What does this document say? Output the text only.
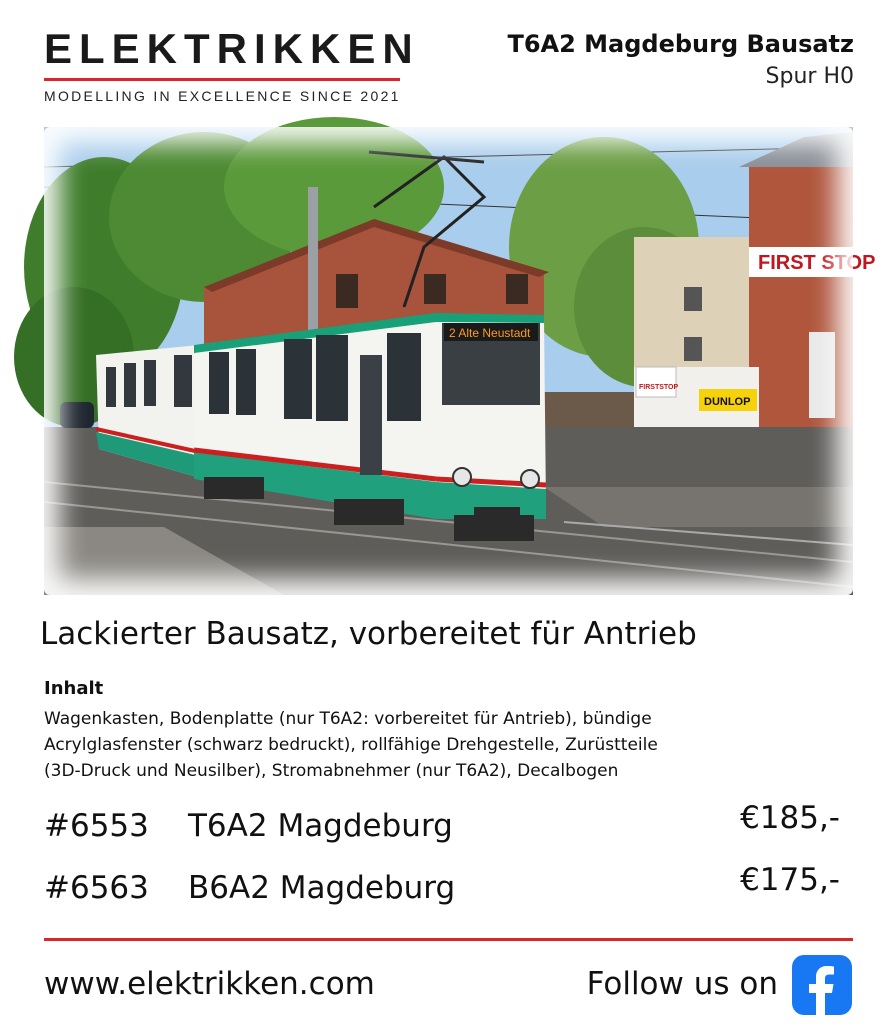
ELEKTRIKKEN
MODELLING IN EXCELLENCE SINCE 2021
T6A2 Magdeburg Bausatz
Spur H0
FIRST STOP
FIRSTSTOP
DUNLOP
2 Alte Neustadt
Lackierter Bausatz, vorbereitet für Antrieb
Inhalt
Wagenkasten, Bodenplatte (nur T6A2: vorbereitet für Antrieb), bündige
Acrylglasfenster (schwarz bedruckt), rollfähige Drehgestelle, Zurüstteile
(3D-Druck und Neusilber), Stromabnehmer (nur T6A2), Decalbogen
#6553 T6A2 Magdeburg	€185,-
#6563 B6A2 Magdeburg	€175,-
www.elektrikken.com	Follow us on
